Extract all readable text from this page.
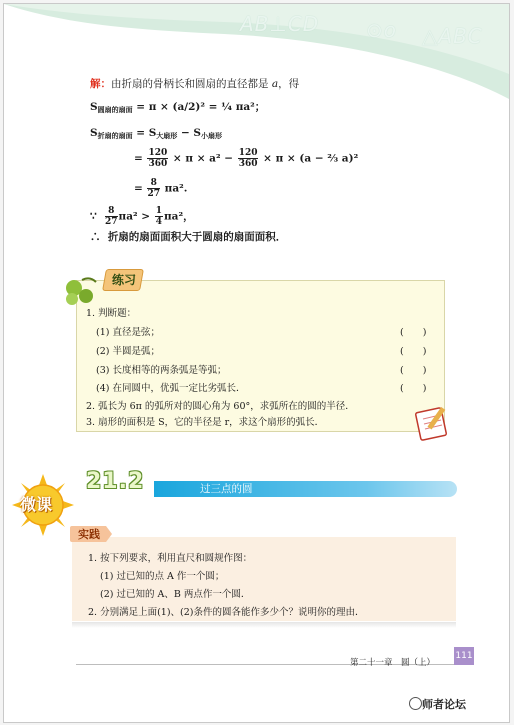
AB⊥CD ⊙o △ABC
解：由折扇的骨柄长和圆扇的直径都是 a，得
$S_{圆扇的扇面} = \pi \times (a/2)^2$ = ¼ πa²；
$S_{折扇的扇面} = S_{大扇形} - S_{小扇形}$
= $\frac{120}{360} \times \pi \times a^2 - \frac{120}{360} \times \pi \times (a$ − ⅔ a)²
= $\frac{8}{27} \pi a^2$.
∵ $\frac{8}{27} \pi a^2 > \frac{1}{4} \pi a^2$，
∴ 折扇的扇面面积大于圆扇的扇面面积．
练习
1. 判断题：
(1) 直径是弦；
(2) 半圆是弧；
(3) 长度相等的两条弧是等弧；
(4) 在同圆中，优弧一定比劣弧长．
(　　)
(　　)
(　　)
(　　)
2. 弧长为 6π 的弧所对的圆心角为 60°，求弧所在的圆的半径．
3. 扇形的面积是 S，它的半径是 r，求这个扇形的弧长．
微课
21.2	过三点的圆
实践
1. 按下列要求，利用直尺和圆规作图：
(1) 过已知的点 A 作一个圆；
(2) 过已知的 A、B 两点作一个圆．
2. 分别满足上面(1)、(2)条件的圆各能作多少个？说明你的理由．
第二十一章　圆（上）
111
师者论坛
